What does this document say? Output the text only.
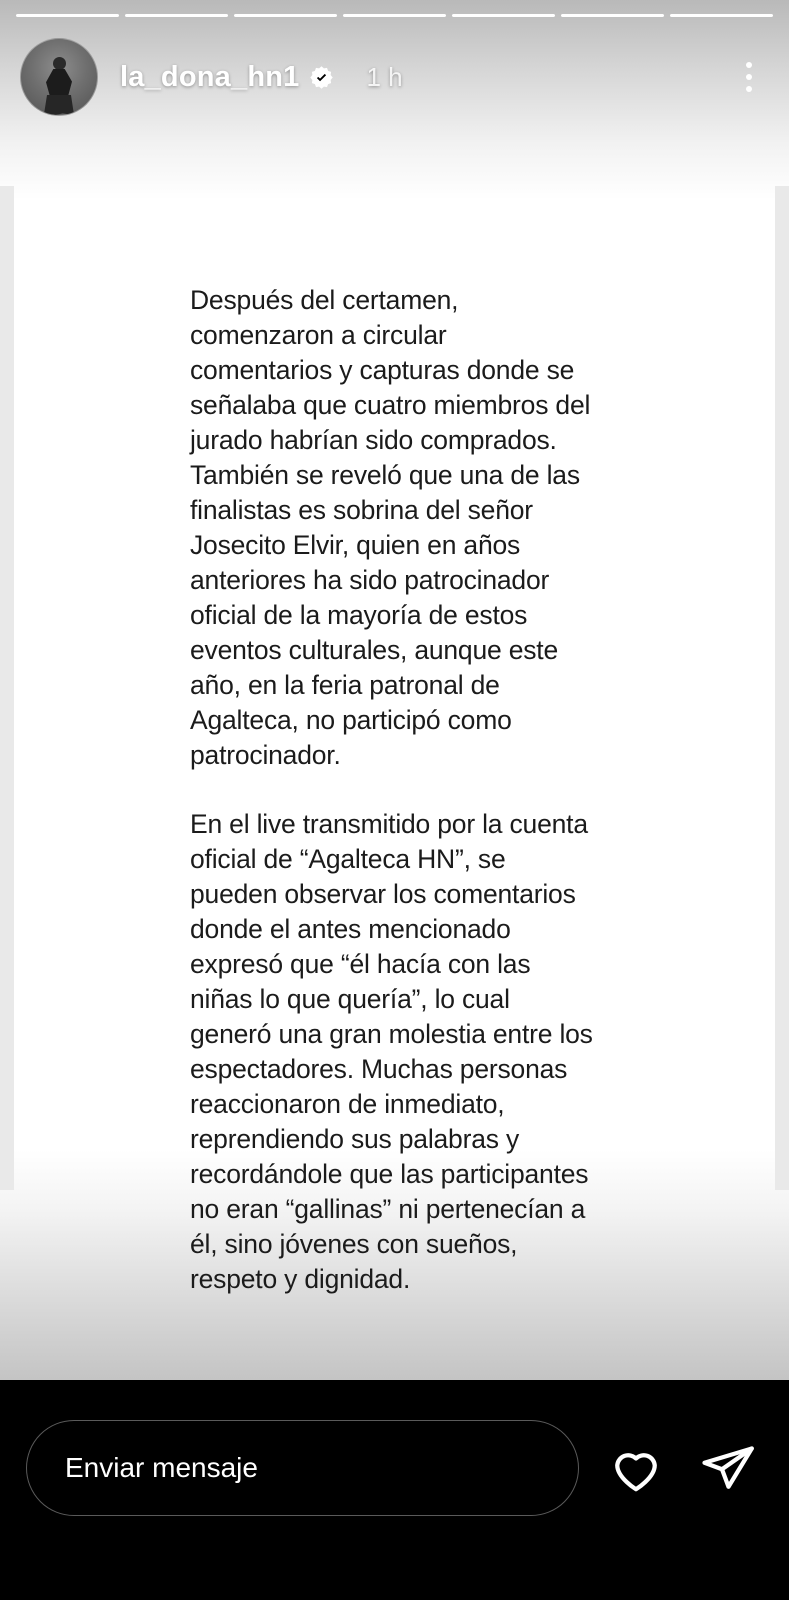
Después del certamen, comenzaron a circular comentarios y capturas donde se señalaba que cuatro miembros del jurado habrían sido comprados. También se reveló que una de las finalistas es sobrina del señor Josecito Elvir, quien en años anteriores ha sido patrocinador oficial de la mayoría de estos eventos culturales, aunque este año, en la feria patronal de Agalteca, no participó como patrocinador.

En el live transmitido por la cuenta oficial de “Agalteca HN”, se pueden observar los comentarios donde el antes mencionado expresó que “él hacía con las niñas lo que quería”, lo cual generó una gran molestia entre los espectadores. Muchas personas reaccionaron de inmediato, reprendiendo sus palabras y recordándole que las participantes no eran “gallinas” ni pertenecían a él, sino jóvenes con sueños, respeto y dignidad.

la_dona_hn1	1 h
Enviar mensaje
